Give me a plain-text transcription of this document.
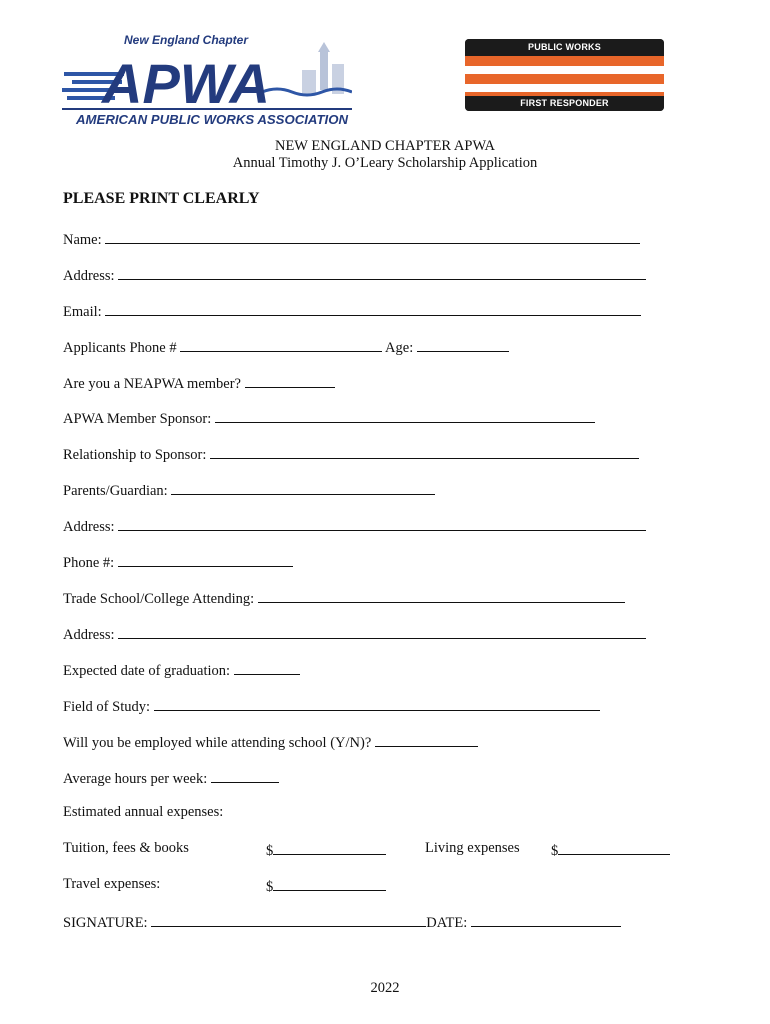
APWA
New England Chapter
AMERICAN PUBLIC WORKS ASSOCIATION
PUBLIC WORKS
FIRST RESPONDER
NEW ENGLAND CHAPTER APWA
Annual Timothy J. O’Leary Scholarship Application
PLEASE PRINT CLEARLY
Name:
Address:
Email:
Applicants Phone #	Age:
Are you a NEAPWA member?
APWA Member Sponsor:
Relationship to Sponsor:
Parents/Guardian:
Address:
Phone #:
Trade School/College Attending:
Address:
Expected date of graduation:
Field of Study:
Will you be employed while attending school (Y/N)?
Average hours per week:
Estimated annual expenses:
Tuition, fees & books	$	Living expenses $
Travel expenses:	$
SIGNATURE:	DATE:
2022
